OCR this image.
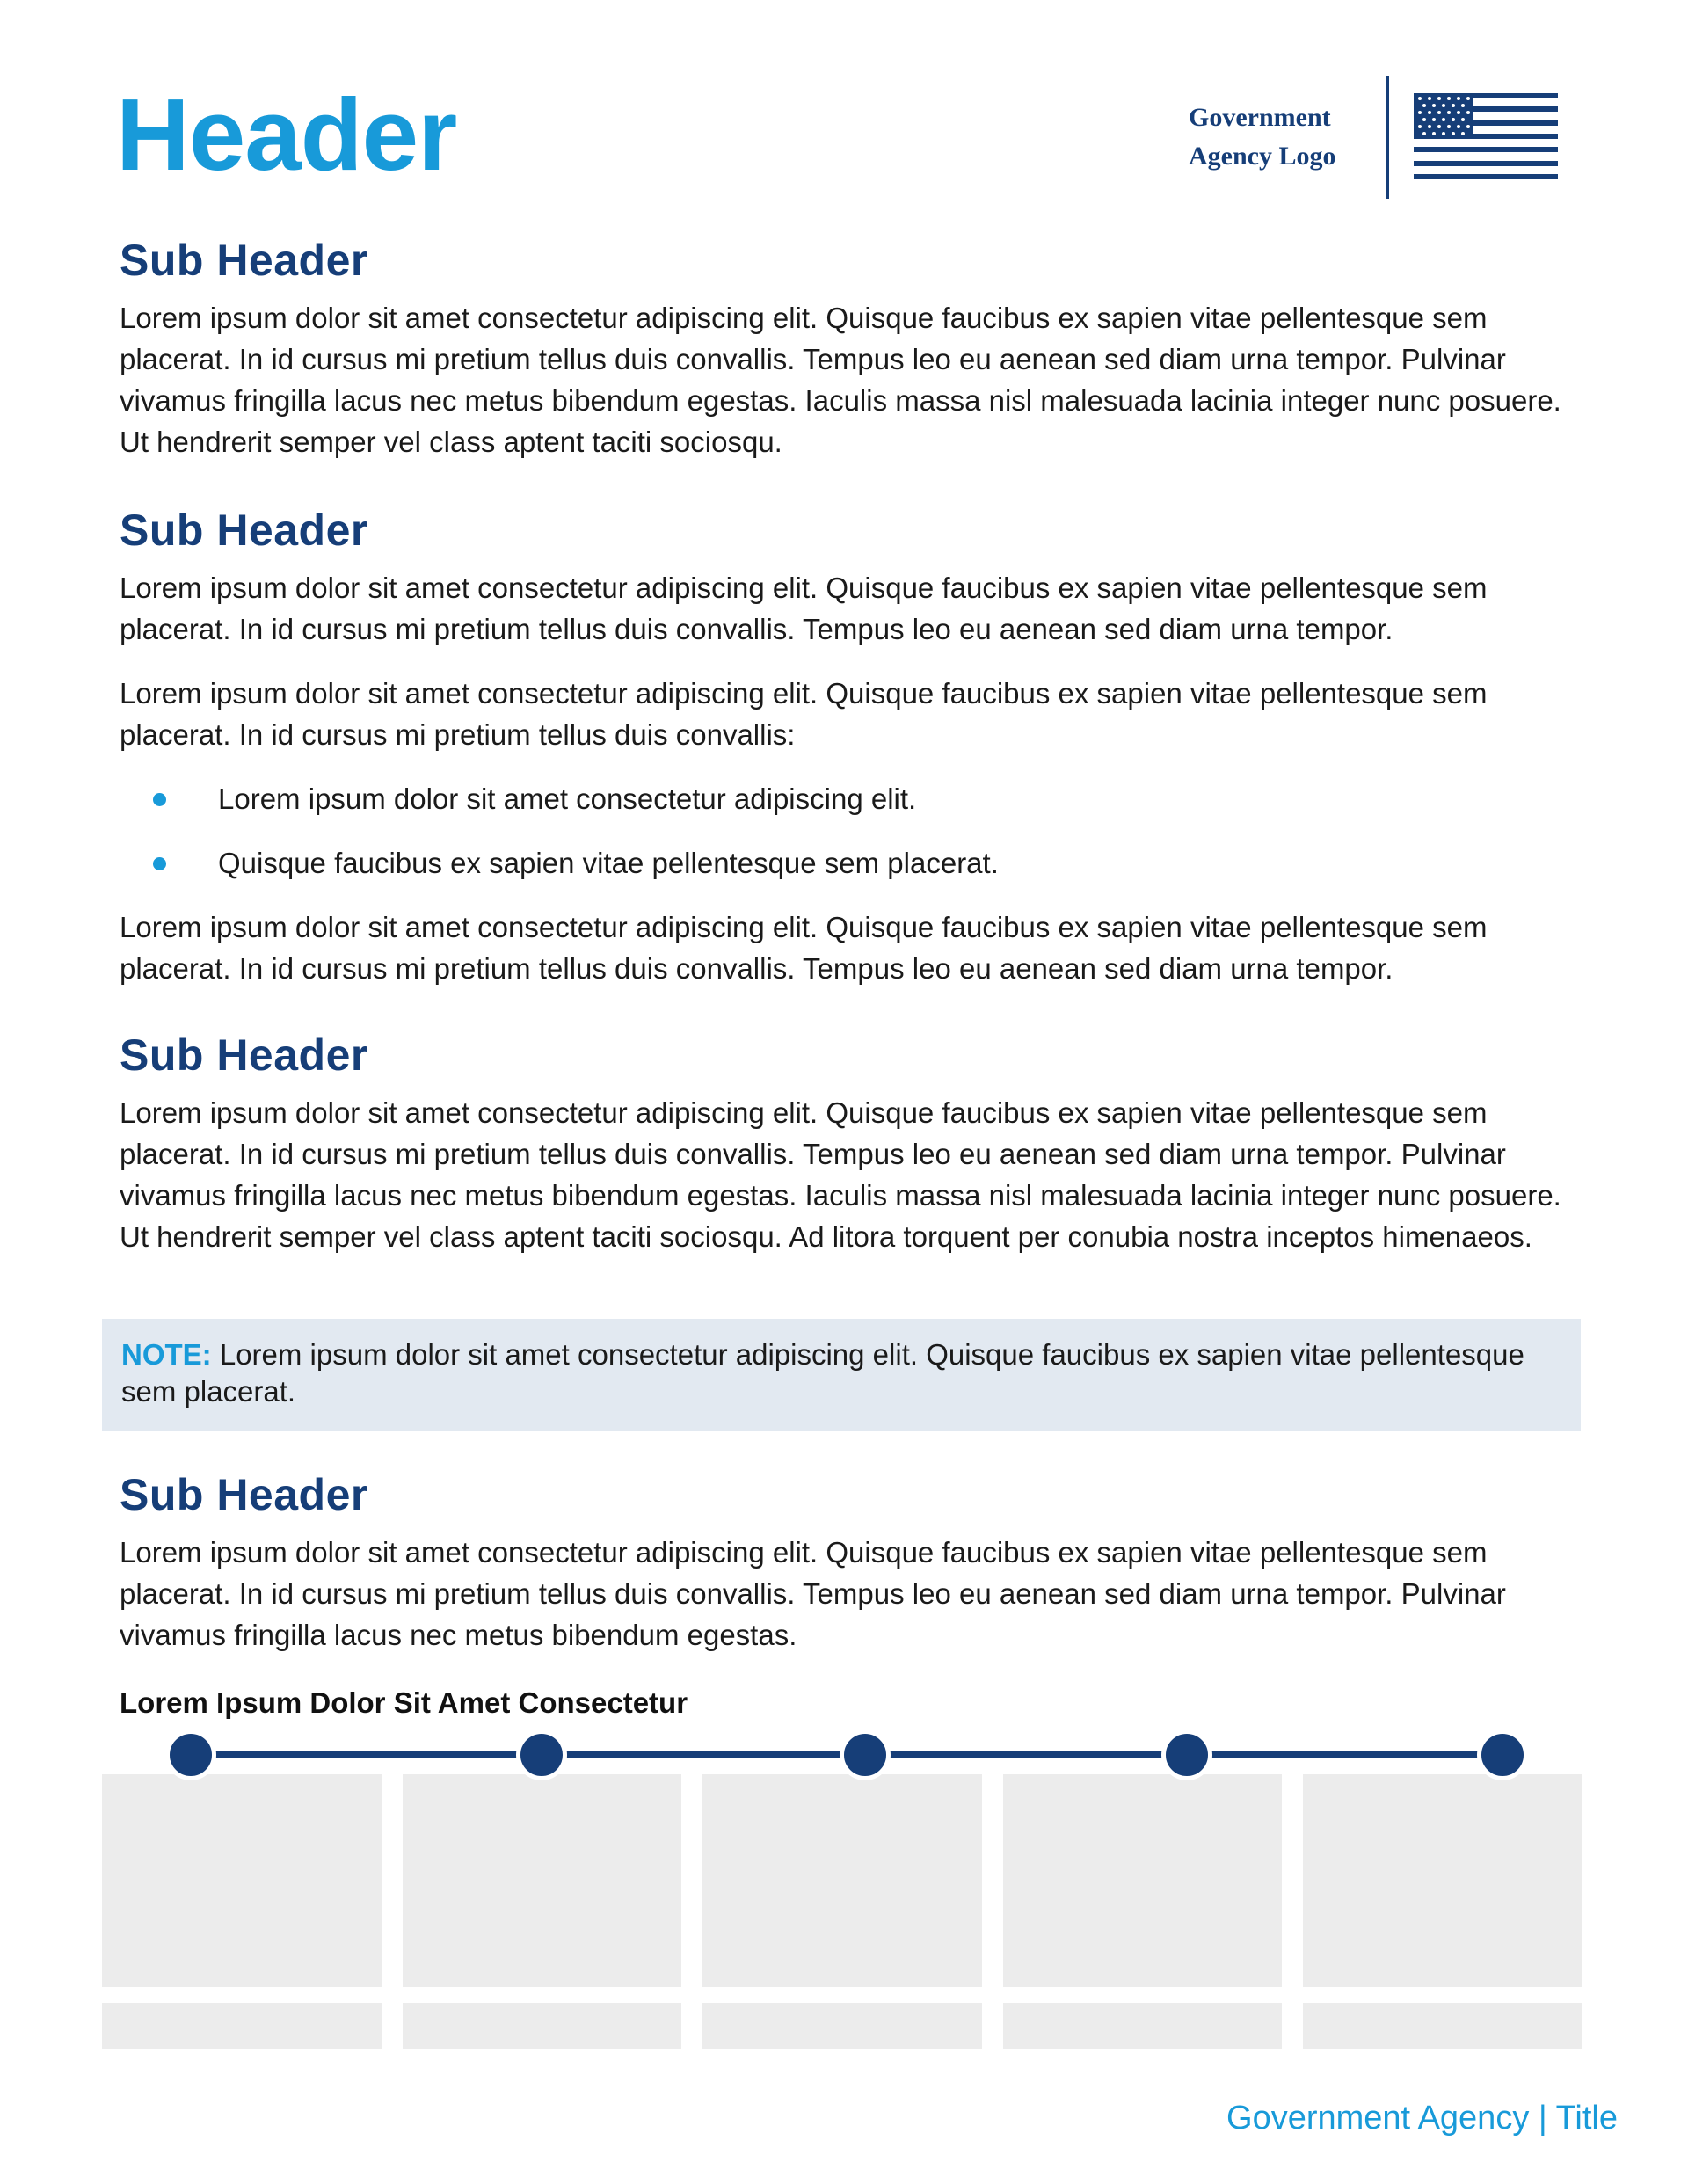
Header	Government
Agency Logo
Sub Header

Lorem ipsum dolor sit amet consectetur adipiscing elit. Quisque faucibus ex sapien vitae pellentesque sem placerat. In id cursus mi pretium tellus duis convallis. Tempus leo eu aenean sed diam urna tempor. Pulvinar vivamus fringilla lacus nec metus bibendum egestas. Iaculis massa nisl malesuada lacinia integer nunc posuere. Ut hendrerit semper vel class aptent taciti sociosqu.

Sub Header

Lorem ipsum dolor sit amet consectetur adipiscing elit. Quisque faucibus ex sapien vitae pellentesque sem placerat. In id cursus mi pretium tellus duis convallis. Tempus leo eu aenean sed diam urna tempor.

Lorem ipsum dolor sit amet consectetur adipiscing elit. Quisque faucibus ex sapien vitae pellentesque sem placerat. In id cursus mi pretium tellus duis convallis:

Lorem ipsum dolor sit amet consectetur adipiscing elit.
Quisque faucibus ex sapien vitae pellentesque sem placerat.

Lorem ipsum dolor sit amet consectetur adipiscing elit. Quisque faucibus ex sapien vitae pellentesque sem placerat. In id cursus mi pretium tellus duis convallis. Tempus leo eu aenean sed diam urna tempor.

Sub Header

Lorem ipsum dolor sit amet consectetur adipiscing elit. Quisque faucibus ex sapien vitae pellentesque sem placerat. In id cursus mi pretium tellus duis convallis. Tempus leo eu aenean sed diam urna tempor. Pulvinar vivamus fringilla lacus nec metus bibendum egestas. Iaculis massa nisl malesuada lacinia integer nunc posuere. Ut hendrerit semper vel class aptent taciti sociosqu. Ad litora torquent per conubia nostra inceptos himenaeos.

NOTE: Lorem ipsum dolor sit amet consectetur adipiscing elit. Quisque faucibus ex sapien vitae pellentesque sem placerat.
Sub Header

Lorem ipsum dolor sit amet consectetur adipiscing elit. Quisque faucibus ex sapien vitae pellentesque sem placerat. In id cursus mi pretium tellus duis convallis. Tempus leo eu aenean sed diam urna tempor. Pulvinar vivamus fringilla lacus nec metus bibendum egestas.

Lorem Ipsum Dolor Sit Amet Consectetur

Government Agency | Title
